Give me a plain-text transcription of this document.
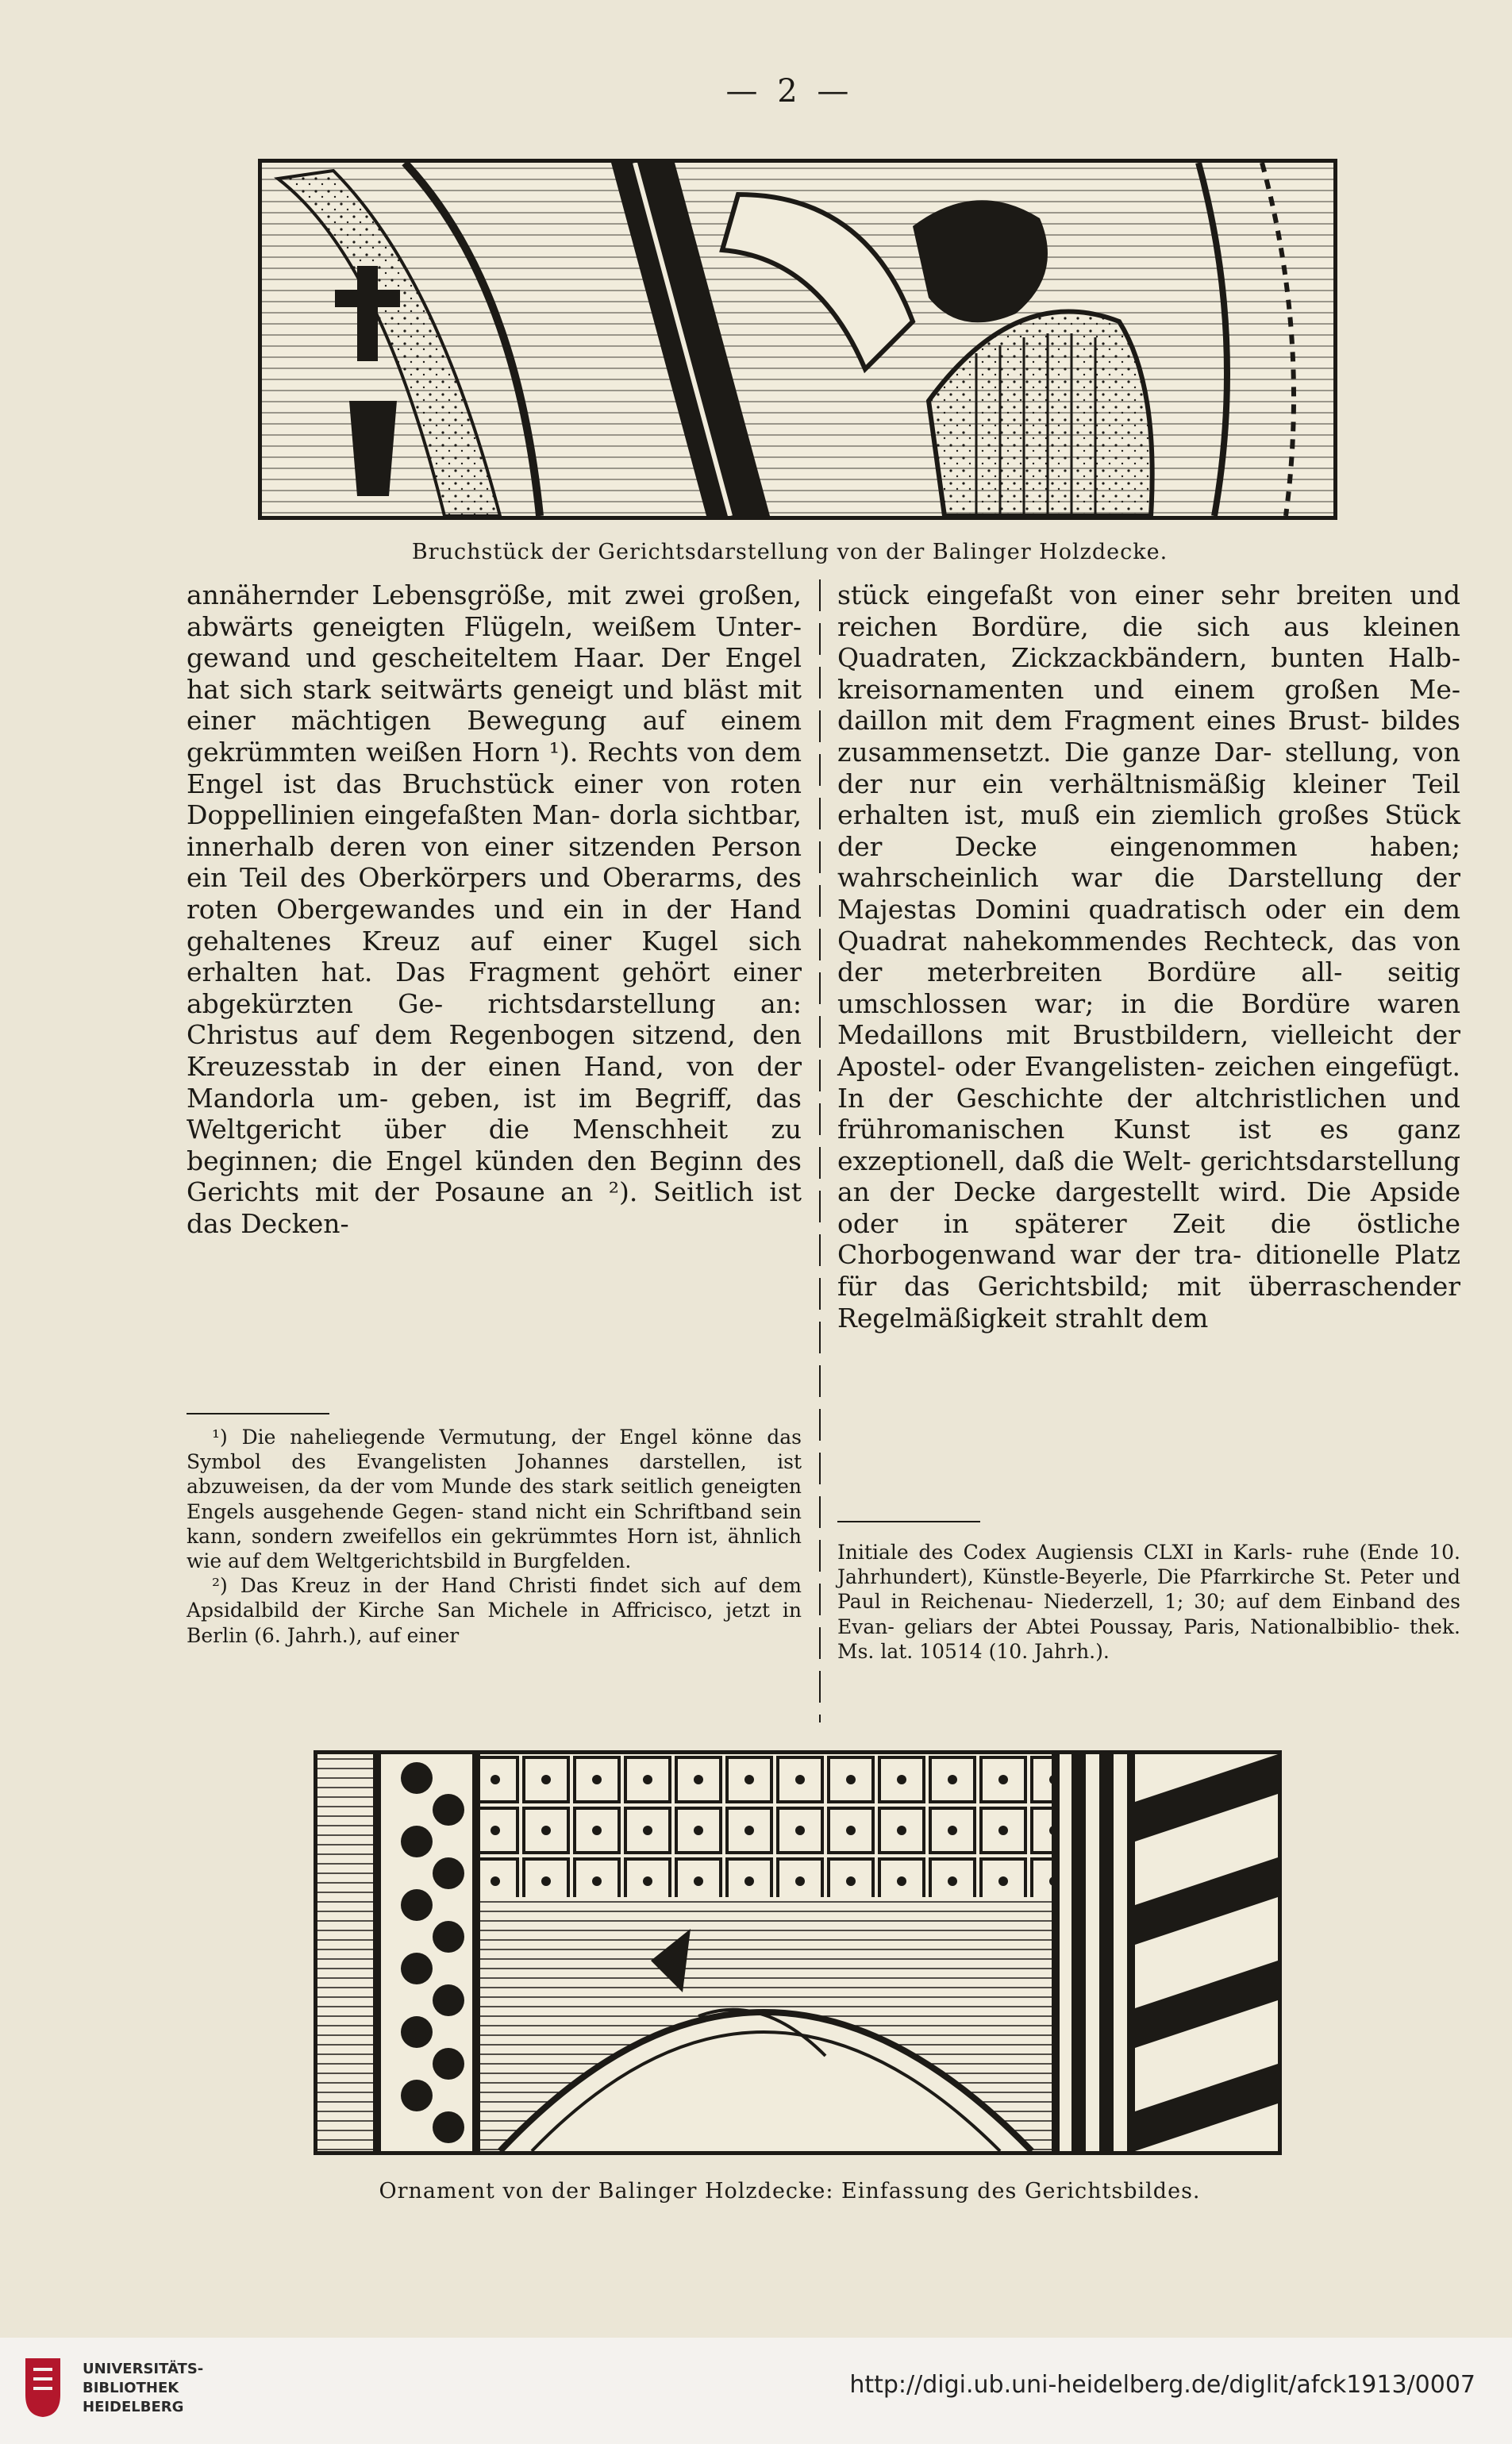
— 2 —
Bruchstück der Gerichtsdarstellung von der Balinger Holzdecke.

annähernder Lebensgröße, mit zwei großen, abwärts geneigten Flügeln, weißem Unter- gewand und gescheiteltem Haar. Der Engel hat sich stark seitwärts geneigt und bläst mit einer mächtigen Bewegung auf einem gekrümmten weißen Horn ¹). Rechts von dem Engel ist das Bruchstück einer von roten Doppellinien eingefaßten Man- dorla sichtbar, innerhalb deren von einer sitzenden Person ein Teil des Oberkörpers und Oberarms, des roten Obergewandes und ein in der Hand gehaltenes Kreuz auf einer Kugel sich erhalten hat. Das Fragment gehört einer abgekürzten Ge- richtsdarstellung an: Christus auf dem Regenbogen sitzend, den Kreuzesstab in der einen Hand, von der Mandorla um- geben, ist im Begriff, das Weltgericht über die Menschheit zu beginnen; die Engel künden den Beginn des Gerichts mit der Posaune an ²). Seitlich ist das Decken-

stück eingefaßt von einer sehr breiten und reichen Bordüre, die sich aus kleinen Quadraten, Zickzackbändern, bunten Halb- kreisornamenten und einem großen Me- daillon mit dem Fragment eines Brust- bildes zusammensetzt. Die ganze Dar- stellung, von der nur ein verhältnismäßig kleiner Teil erhalten ist, muß ein ziemlich großes Stück der Decke eingenommen haben; wahrscheinlich war die Darstellung der Majestas Domini quadratisch oder ein dem Quadrat nahekommendes Rechteck, das von der meterbreiten Bordüre all- seitig umschlossen war; in die Bordüre waren Medaillons mit Brustbildern, vielleicht der Apostel- oder Evangelisten- zeichen eingefügt. In der Geschichte der altchristlichen und frühromanischen Kunst ist es ganz exzeptionell, daß die Welt- gerichtsdarstellung an der Decke dargestellt wird. Die Apside oder in späterer Zeit die östliche Chorbogenwand war der tra- ditionelle Platz für das Gerichtsbild; mit überraschender Regelmäßigkeit strahlt dem

¹) Die naheliegende Vermutung, der Engel könne das Symbol des Evangelisten Johannes darstellen, ist abzuweisen, da der vom Munde des stark seitlich geneigten Engels ausgehende Gegen- stand nicht ein Schriftband sein kann, sondern zweifellos ein gekrümmtes Horn ist, ähnlich wie auf dem Weltgerichtsbild in Burgfelden.

²) Das Kreuz in der Hand Christi findet sich auf dem Apsidalbild der Kirche San Michele in Affricisco, jetzt in Berlin (6. Jahrh.), auf einer

Initiale des Codex Augiensis CLXI in Karls- ruhe (Ende 10. Jahrhundert), Künstle-Beyerle, Die Pfarrkirche St. Peter und Paul in Reichenau- Niederzell, 1; 30; auf dem Einband des Evan- geliars der Abtei Poussay, Paris, Nationalbiblio- thek. Ms. lat. 10514 (10. Jahrh.).

Ornament von der Balinger Holzdecke: Einfassung des Gerichtsbildes.
UNIVERSITÄTS-
BIBLIOTHEK
HEIDELBERG
http://digi.ub.uni-heidelberg.de/diglit/afck1913/0007
